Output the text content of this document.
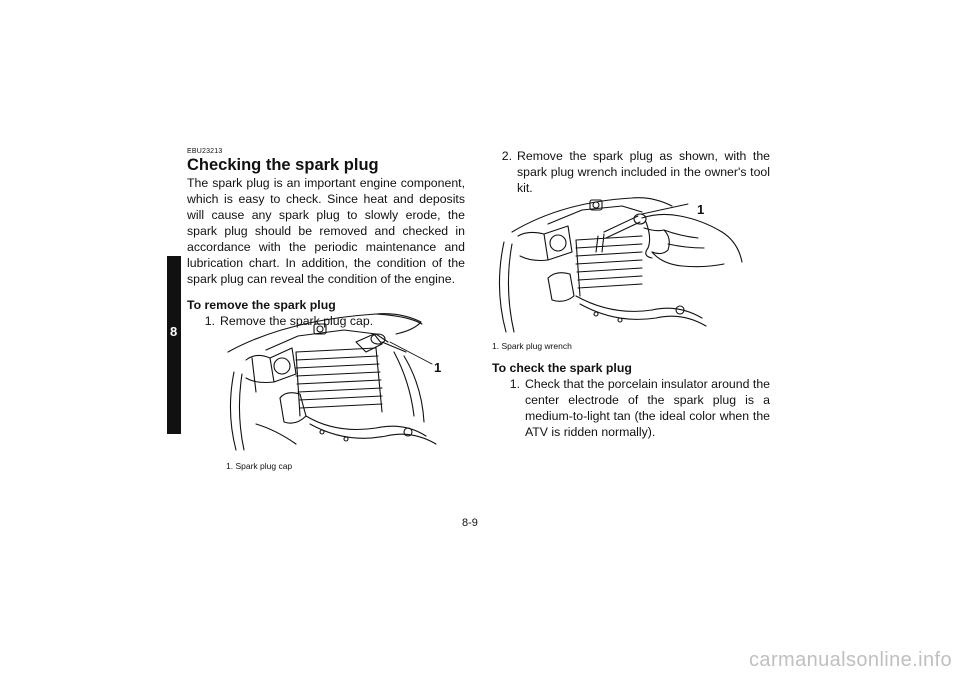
8
EBU23213
Checking the spark plug

The spark plug is an important engine component, which is easy to check. Since heat and deposits will cause any spark plug to slowly erode, the spark plug should be removed and checked in accordance with the periodic maintenance and lubrication chart. In addition, the condition of the spark plug can reveal the condition of the engine.

To remove the spark plug

1. Remove the spark plug cap.
1
1. Spark plug cap
2. Remove the spark plug as shown, with the spark plug wrench included in the owner's tool kit.
1
1. Spark plug wrench

To check the spark plug

1. Check that the porcelain insulator around the center electrode of the spark plug is a medium-to-light tan (the ideal color when the ATV is ridden normally).
8-9
carmanualsonline.info
